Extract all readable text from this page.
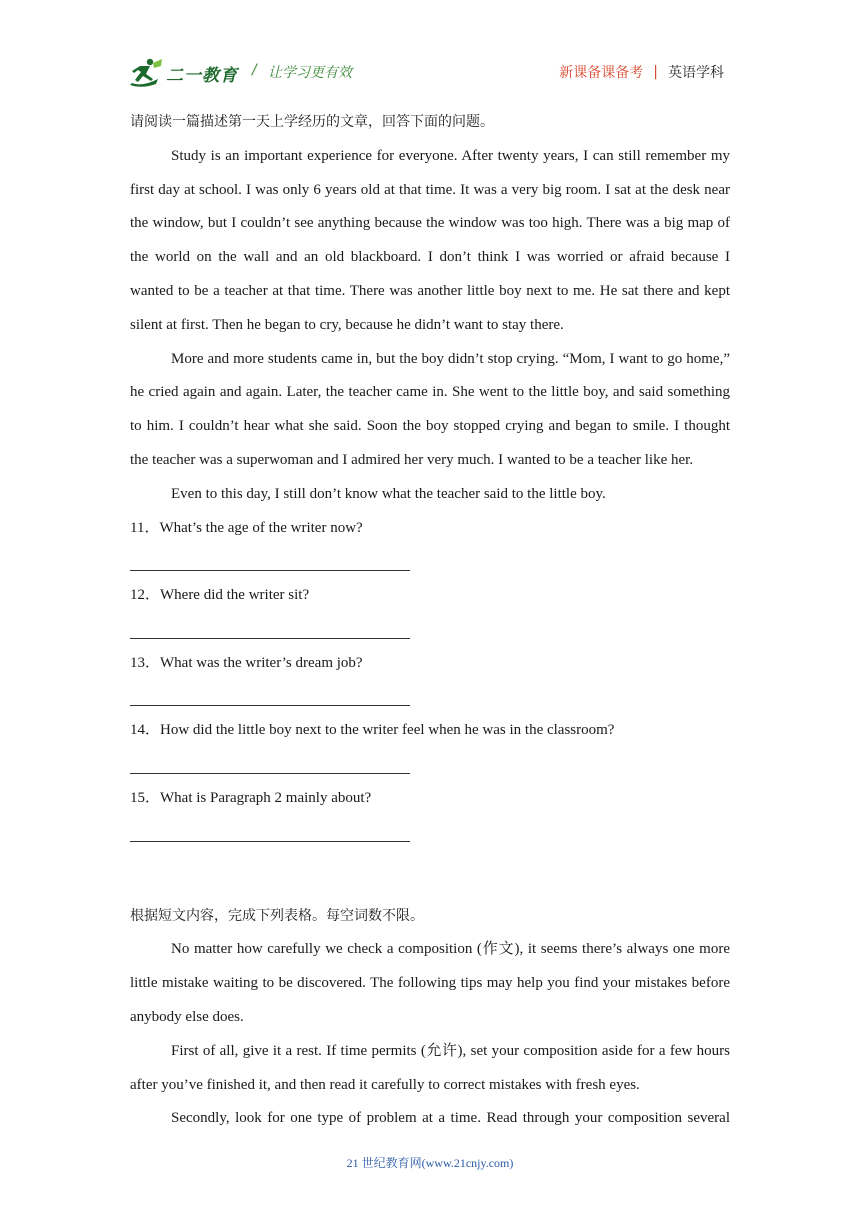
二一教育 / 让学习更有效	新课备课备考 | 英语学科
请阅读一篇描述第一天上学经历的文章，回答下面的问题。
Study is an important experience for everyone. After twenty years, I can still remember my
first day at school. I was only 6 years old at that time. It was a very big room. I sat at the desk near
the window, but I couldn’t see anything because the window was too high. There was a big map of
the world on the wall and an old blackboard. I don’t think I was worried or afraid because I
wanted to be a teacher at that time. There was another little boy next to me. He sat there and kept
silent at first. Then he began to cry, because he didn’t want to stay there.
More and more students came in, but the boy didn’t stop crying. “Mom, I want to go home,”
he cried again and again. Later, the teacher came in. She went to the little boy, and said something
to him. I couldn’t hear what she said. Soon the boy stopped crying and began to smile. I thought
the teacher was a superwoman and I admired her very much. I wanted to be a teacher like her.
Even to this day, I still don’t know what the teacher said to the little boy.
11．What’s the age of the writer now?
12．Where did the writer sit?
13．What was the writer’s dream job?
14．How did the little boy next to the writer feel when he was in the classroom?
15．What is Paragraph 2 mainly about?
根据短文内容，完成下列表格。每空词数不限。
No matter how carefully we check a composition (作文), it seems there’s always one more
little mistake waiting to be discovered. The following tips may help you find your mistakes before
anybody else does.
First of all, give it a rest. If time permits (允许), set your composition aside for a few hours
after you’ve finished it, and then read it carefully to correct mistakes with fresh eyes.
Secondly, look for one type of problem at a time. Read through your composition several
21 世纪教育网(www.21cnjy.com)
